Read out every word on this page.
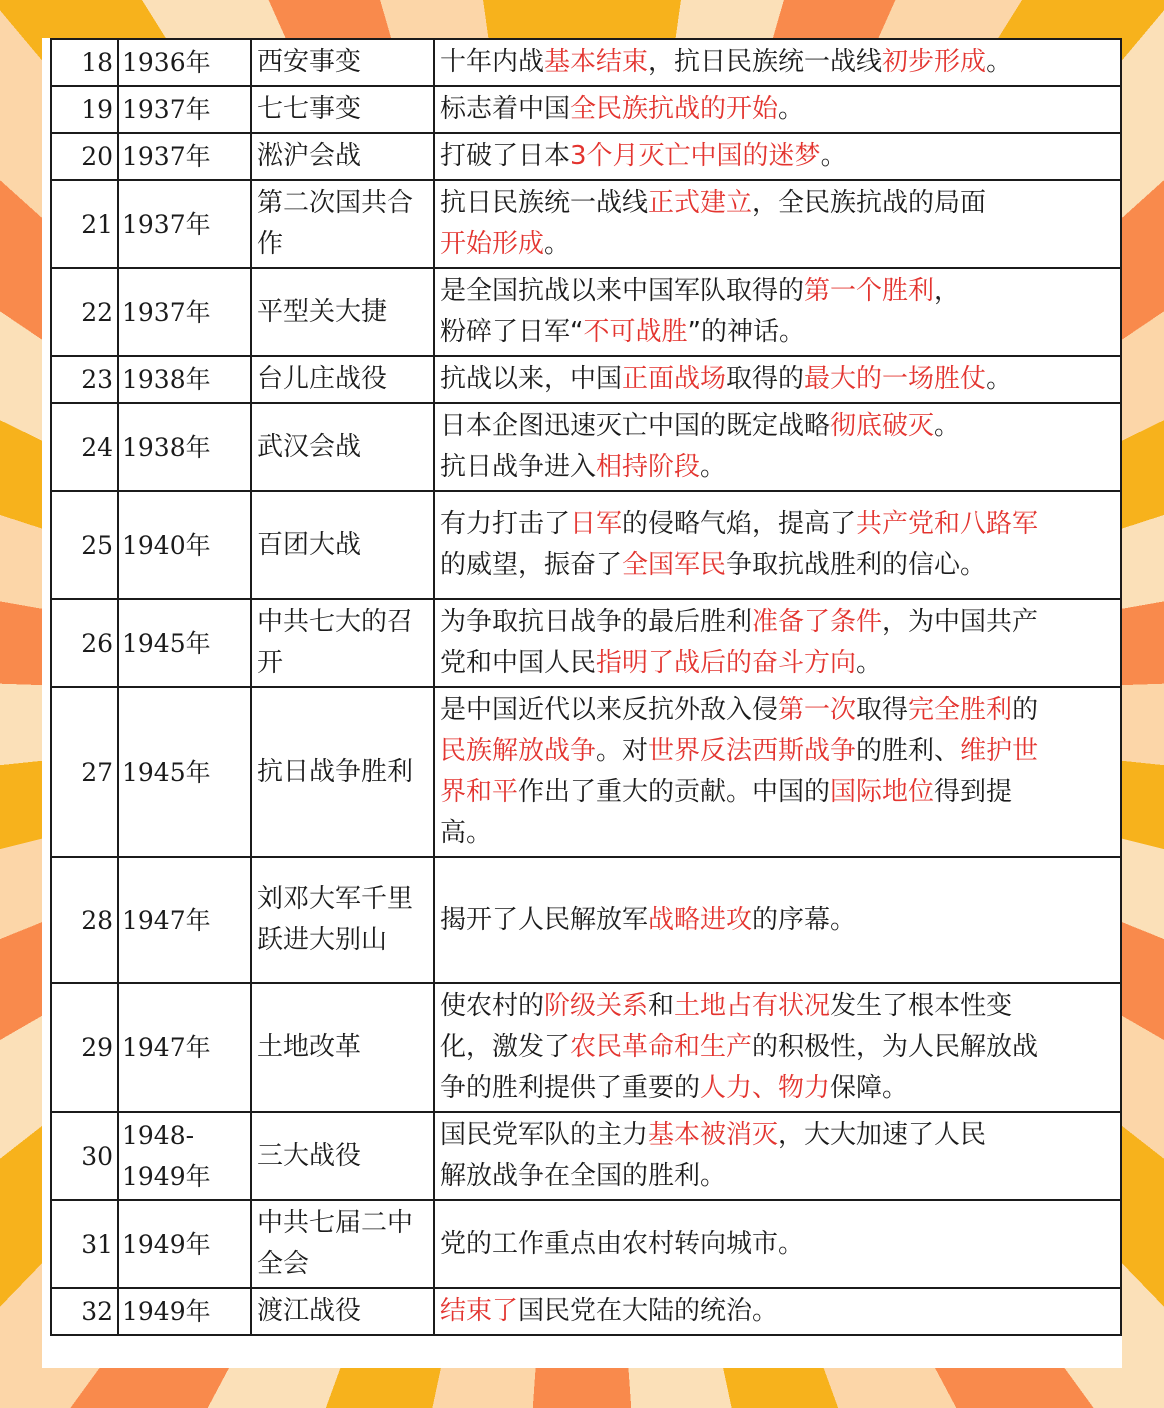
18	1936年	西安事变	十年内战基本结束，抗日民族统一战线初步形成。
19	1937年	七七事变	标志着中国全民族抗战的开始。
20	1937年	淞沪会战	打破了日本3个月灭亡中国的迷梦。
21	1937年	第二次国共合作	抗日民族统一战线正式建立，全民族抗战的局面
开始形成。
22	1937年	平型关大捷	是全国抗战以来中国军队取得的第一个胜利，
粉碎了日军“不可战胜”的神话。
23	1938年	台儿庄战役	抗战以来，中国正面战场取得的最大的一场胜仗。
24	1938年	武汉会战	日本企图迅速灭亡中国的既定战略彻底破灭。
抗日战争进入相持阶段。
25	1940年	百团大战	有力打击了日军的侵略气焰，提高了共产党和八路军
的威望，振奋了全国军民争取抗战胜利的信心。
26	1945年	中共七大的召开	为争取抗日战争的最后胜利准备了条件，为中国共产
党和中国人民指明了战后的奋斗方向。
27	1945年	抗日战争胜利	是中国近代以来反抗外敌入侵第一次取得完全胜利的
民族解放战争。对世界反法西斯战争的胜利、维护世
界和平作出了重大的贡献。中国的国际地位得到提
高。
28	1947年	刘邓大军千里跃进大别山	揭开了人民解放军战略进攻的序幕。
29	1947年	土地改革	使农村的阶级关系和土地占有状况发生了根本性变
化，激发了农民革命和生产的积极性，为人民解放战
争的胜利提供了重要的人力、物力保障。
30	1948-1949年	三大战役	国民党军队的主力基本被消灭，大大加速了人民
解放战争在全国的胜利。
31	1949年	中共七届二中全会	党的工作重点由农村转向城市。
32	1949年	渡江战役	结束了国民党在大陆的统治。
